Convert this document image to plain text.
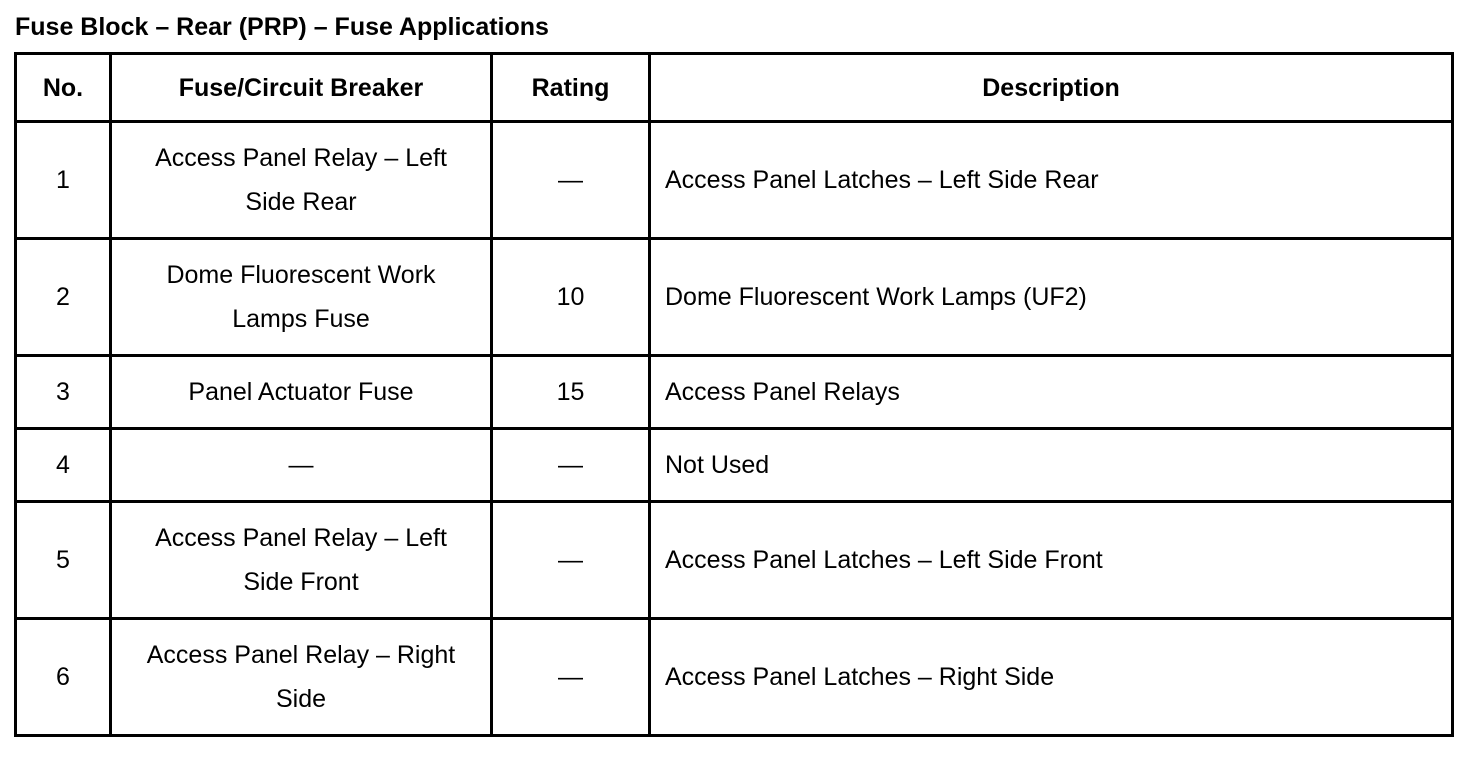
Fuse Block – Rear (PRP) – Fuse Applications
No.	Fuse/Circuit Breaker	Rating	Description
1	Access Panel Relay – Left Side Rear	—	Access Panel Latches – Left Side Rear
2	Dome Fluorescent Work Lamps Fuse	10	Dome Fluorescent Work Lamps (UF2)
3	Panel Actuator Fuse	15	Access Panel Relays
4	—	—	Not Used
5	Access Panel Relay – Left Side Front	—	Access Panel Latches – Left Side Front
6	Access Panel Relay – Right Side	—	Access Panel Latches – Right Side
